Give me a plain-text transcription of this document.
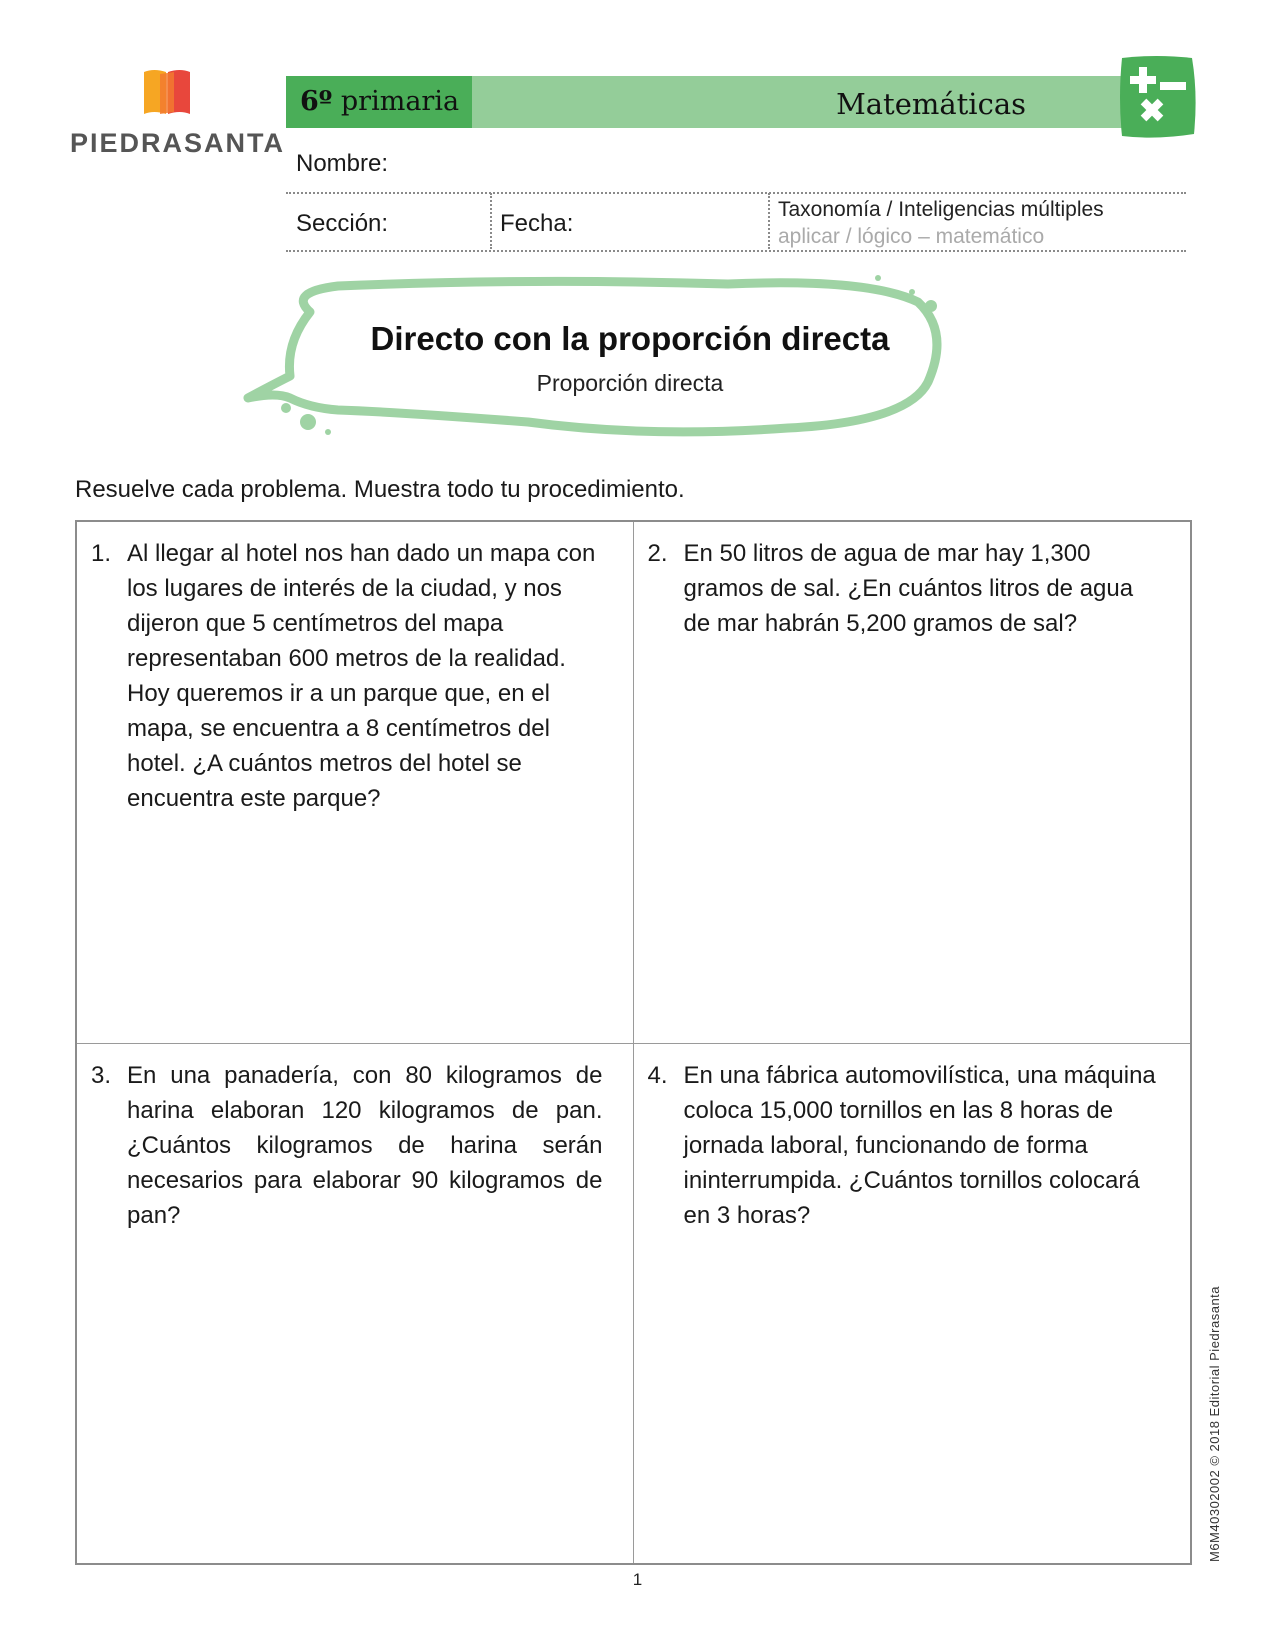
PIEDRASANTA
6º primaria	Matemáticas
Nombre:
Sección:	Fecha:
Taxonomía / Inteligencias múltiples
aplicar / lógico – matemático
Directo con la proporción directa
Proporción directa
Resuelve cada problema. Muestra todo tu procedimiento.
1. Al llegar al hotel nos han dado un mapa con los lugares de interés de la ciudad, y nos dijeron que 5 centímetros del mapa representaban 600 metros de la realidad. Hoy queremos ir a un parque que, en el mapa, se encuentra a 8 centímetros del hotel. ¿A cuántos metros del hotel se encuentra este parque?
2. En 50 litros de agua de mar hay 1,300 gramos de sal. ¿En cuántos litros de agua de mar habrán 5,200 gramos de sal?
3. En una panadería, con 80 kilogramos de harina elaboran 120 kilogramos de pan. ¿Cuántos kilogramos de harina serán necesarios para elaborar 90 kilogramos de pan?
4. En una fábrica automovilística, una máquina coloca 15,000 tornillos en las 8 horas de jornada laboral, funcionando de forma ininterrumpida. ¿Cuántos tornillos colocará en 3 horas?
1
M6M40302002 © 2018 Editorial Piedrasanta
